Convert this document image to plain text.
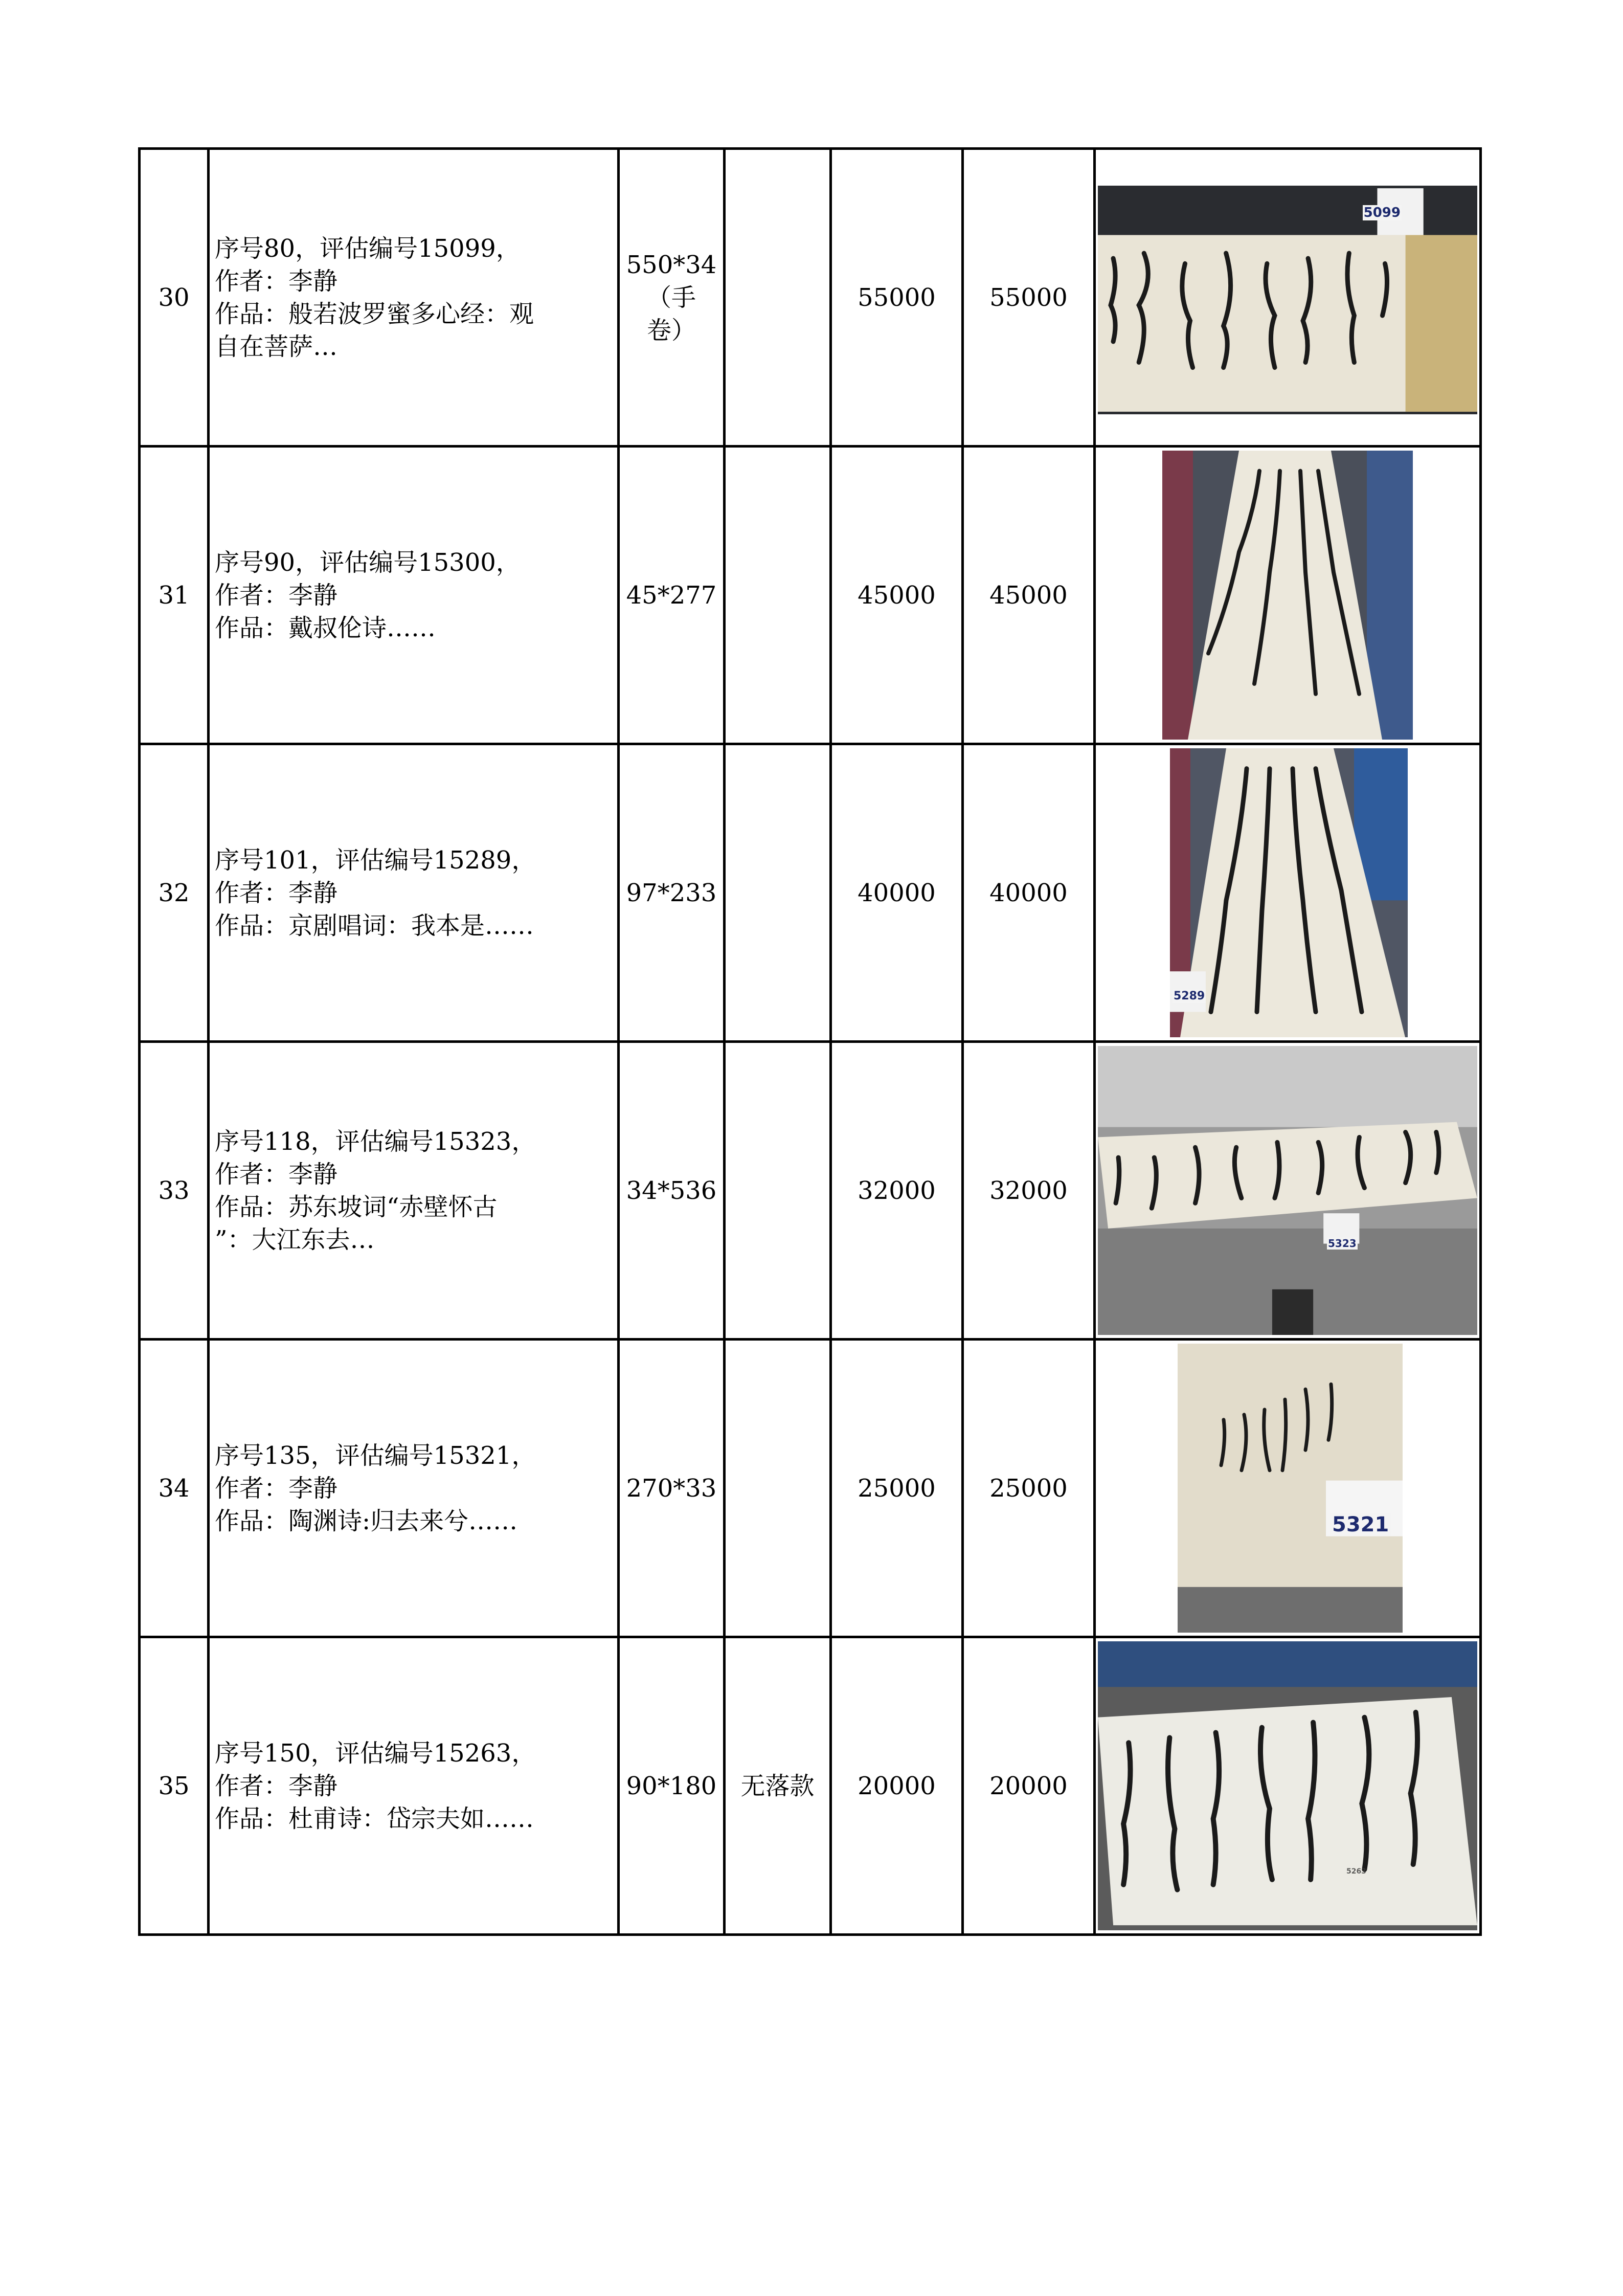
30	序号80，评估编号15099，
作者：李静
作品：般若波罗蜜多心经：观
自在菩萨…	550*34
（手
卷）		55000	55000	5099

31	序号90，评估编号15300，
作者：李静
作品：戴叔伦诗……	45*277		45000	45000	

32	序号101，评估编号15289，
作者：李静
作品：京剧唱词：我本是……	97*233		40000	40000	5289

33	序号118，评估编号15323，
作者：李静
作品：苏东坡词“赤壁怀古
”：大江东去…	34*536		32000	32000	5323

34	序号135，评估编号15321，
作者：李静
作品：陶渊诗:归去来兮……	270*33		25000	25000	5321

35	序号150，评估编号15263，
作者：李静
作品：杜甫诗：岱宗夫如……	90*180	无落款	20000	20000	5263
